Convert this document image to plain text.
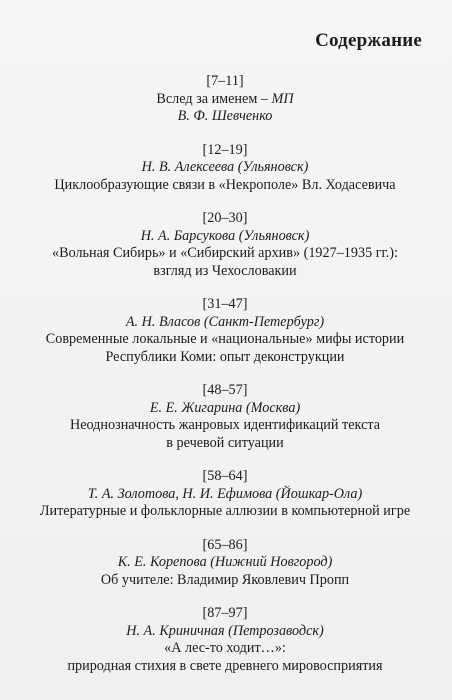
Содержание
[7–11]
Вслед за именем – МП
В. Ф. Шевченко
[12–19]
Н. В. Алексеева (Ульяновск)
Циклообразующие связи в «Некрополе» Вл. Ходасевича
[20–30]
Н. А. Барсукова (Ульяновск)
«Вольная Сибирь» и «Сибирский архив» (1927–1935 гг.):
взгляд из Чехословакии
[31–47]
А. Н. Власов (Санкт-Петербург)
Современные локальные и «национальные» мифы истории
Республики Коми: опыт деконструкции
[48–57]
Е. Е. Жигарина (Москва)
Неоднозначность жанровых идентификаций текста
в речевой ситуации
[58–64]
Т. А. Золотова, Н. И. Ефимова (Йошкар-Ола)
Литературные и фольклорные аллюзии в компьютерной игре
[65–86]
К. Е. Корепова (Нижний Новгород)
Об учителе: Владимир Яковлевич Пропп
[87–97]
Н. А. Криничная (Петрозаводск)
«А лес-то ходит…»:
природная стихия в свете древнего мировосприятия
